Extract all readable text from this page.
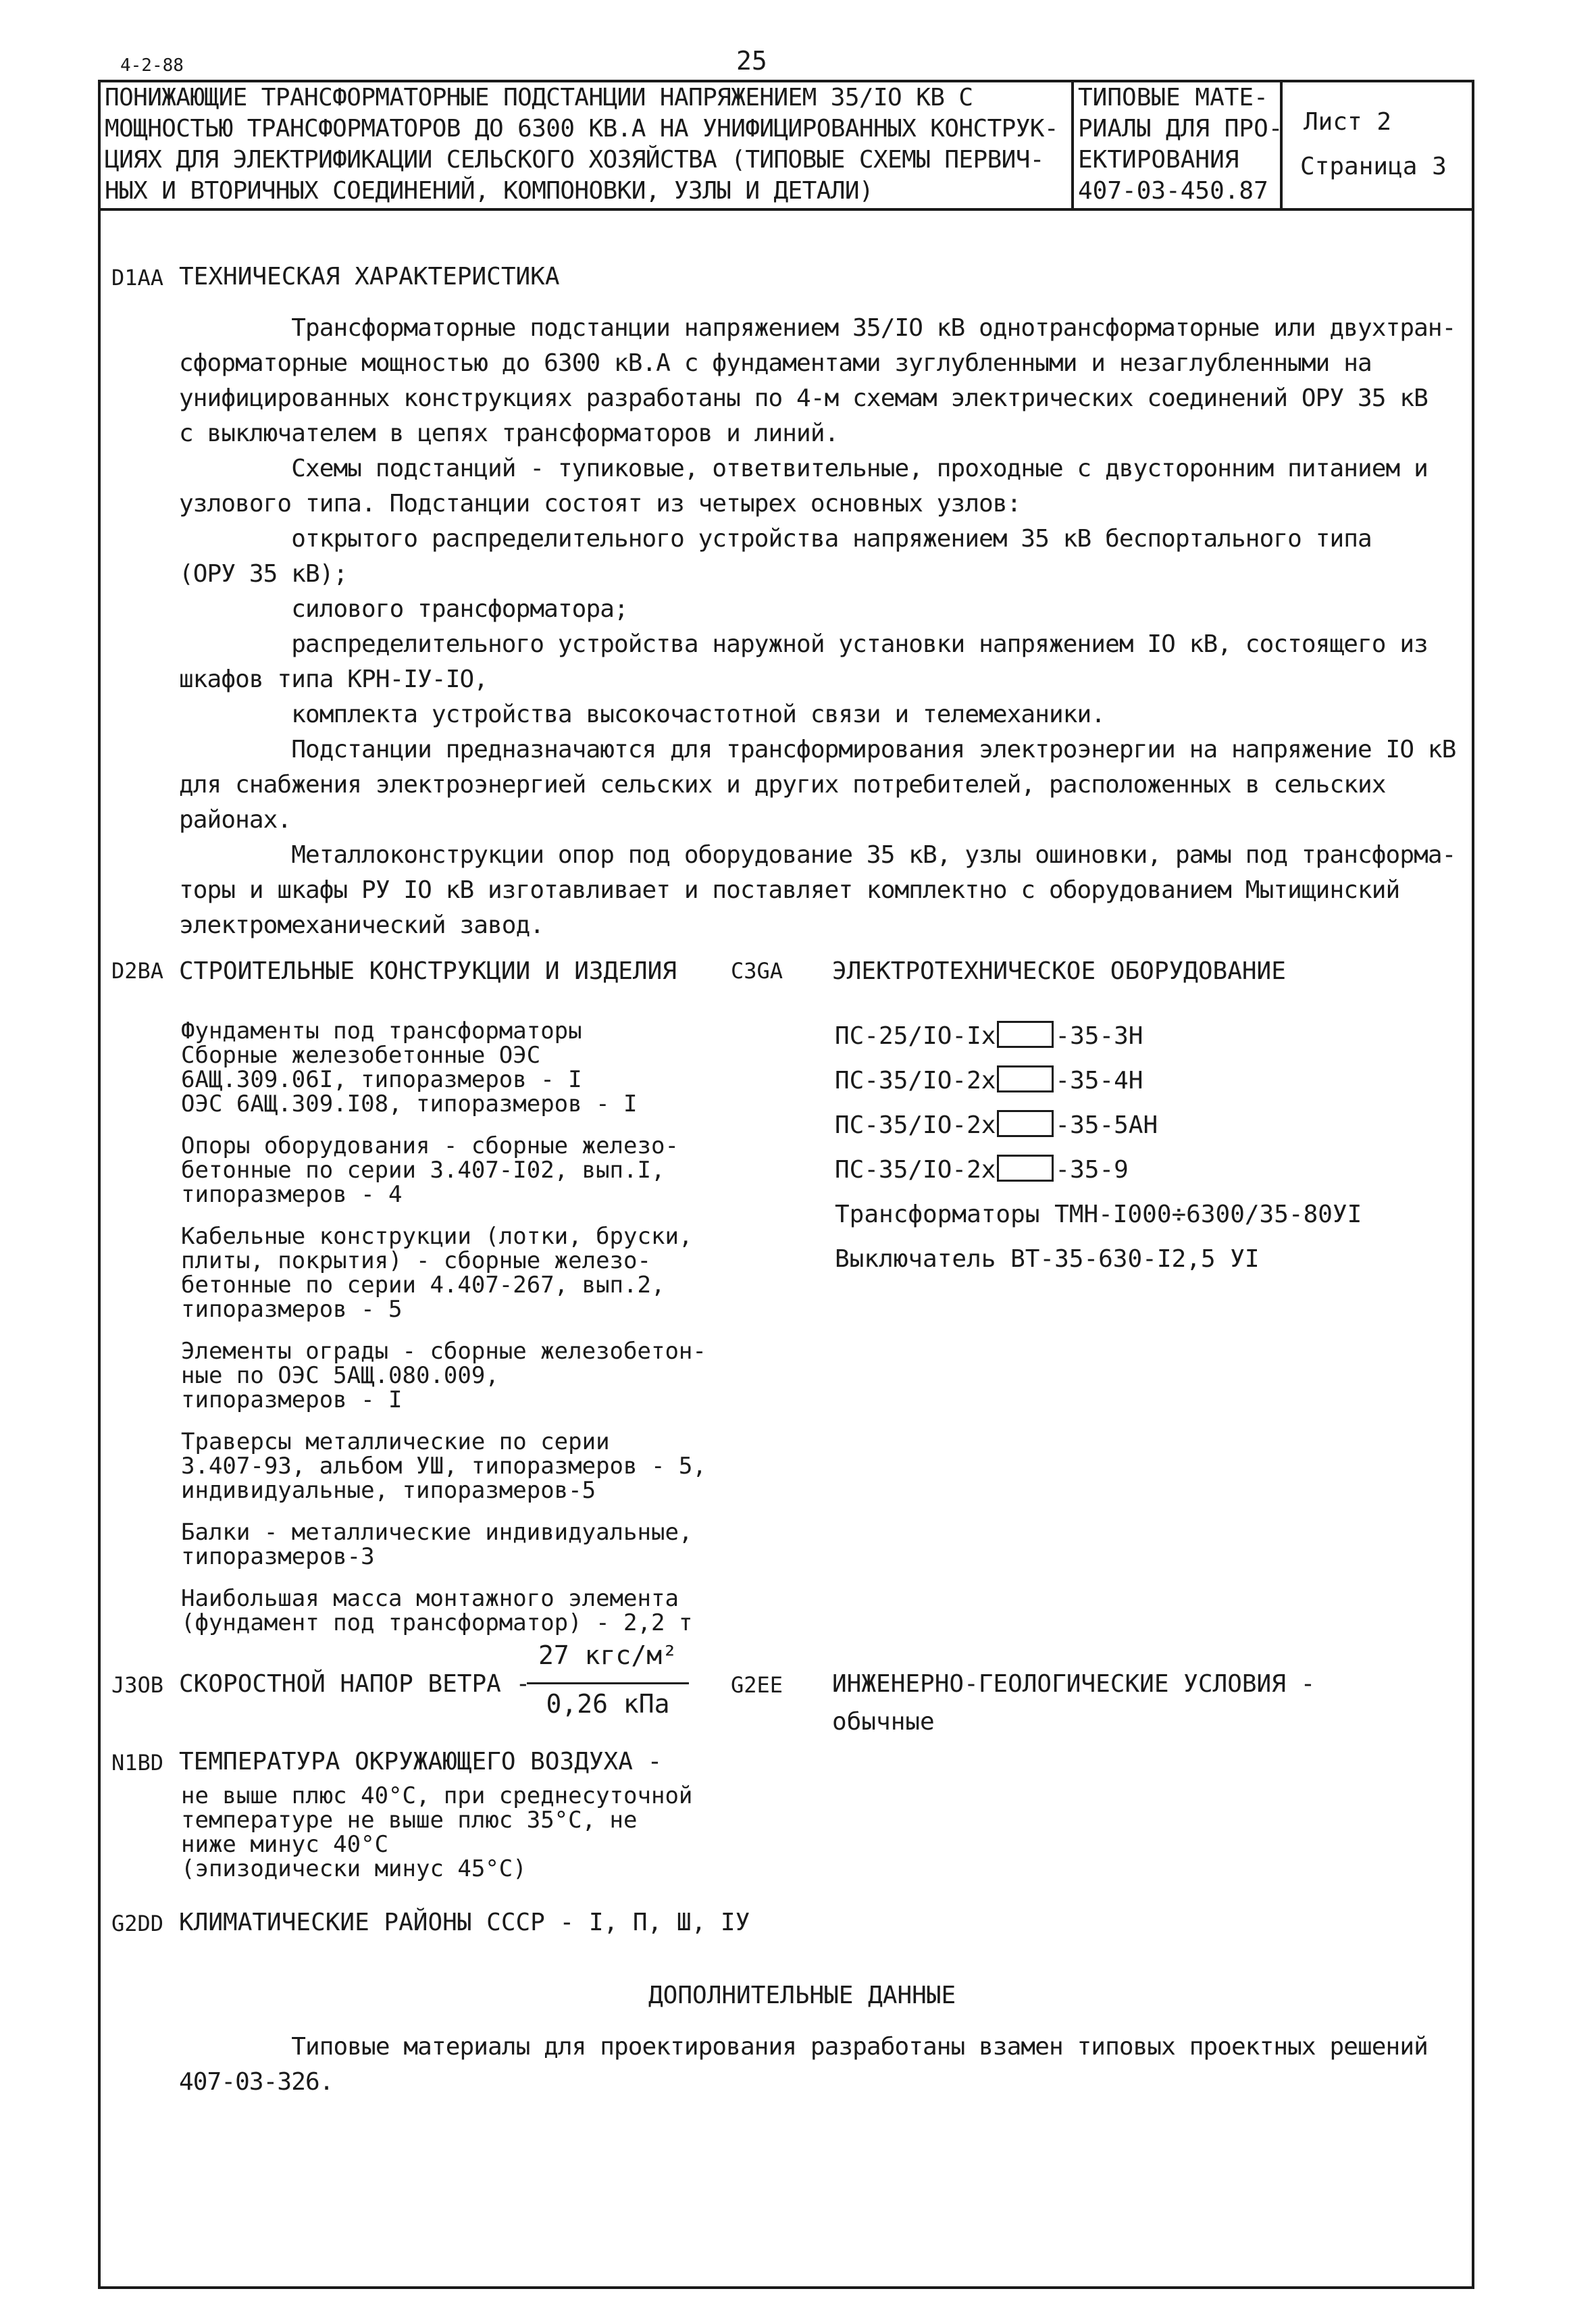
4-2-88	25
ПОНИЖАЮЩИЕ ТРАНСФОРМАТОРНЫЕ ПОДСТАНЦИИ НАПРЯЖЕНИЕМ 35/IO КВ С
МОЩНОСТЬЮ ТРАНСФОРМАТОРОВ ДО 6300 КВ.А НА УНИФИЦИРОВАННЫХ КОНСТРУК-
ЦИЯХ ДЛЯ ЭЛЕКТРИФИКАЦИИ СЕЛЬСКОГО ХОЗЯЙСТВА (ТИПОВЫЕ СХЕМЫ ПЕРВИЧ-
НЫХ И ВТОРИЧНЫХ СОЕДИНЕНИЙ, КОМПОНОВКИ, УЗЛЫ И ДЕТАЛИ)
ТИПОВЫЕ МАТЕ-
РИАЛЫ ДЛЯ ПРО-
ЕКТИРОВАНИЯ
407-03-450.87
Лист 2
Страница 3
D1AA ТЕХНИЧЕСКАЯ ХАРАКТЕРИСТИКА
Трансформаторные подстанции напряжением 35/IO кВ однотрансформаторные или двухтран-
сформаторные мощностью до 6300 кВ.А с фундаментами зуглубленными и незаглубленными на
унифицированных конструкциях разработаны по 4-м схемам электрических соединений ОРУ 35 кВ
с выключателем в цепях трансформаторов и линий.
Схемы подстанций - тупиковые, ответвительные, проходные с двусторонним питанием и
узлового типа. Подстанции состоят из четырех основных узлов:
открытого распределительного устройства напряжением 35 кВ беспортального типа
(ОРУ 35 кВ);
силового трансформатора;
распределительного устройства наружной установки напряжением IO кВ, состоящего из
шкафов типа КРН-IУ-IO,
комплекта устройства высокочастотной связи и телемеханики.
Подстанции предназначаются для трансформирования электроэнергии на напряжение IO кВ
для снабжения электроэнергией сельских и других потребителей, расположенных в сельских
районах.
Металлоконструкции опор под оборудование 35 кВ, узлы ошиновки, рамы под трансформа-
торы и шкафы РУ IO кВ изготавливает и поставляет комплектно с оборудованием Мытищинский
электромеханический завод.
D2BA СТРОИТЕЛЬНЫЕ КОНСТРУКЦИИ И ИЗДЕЛИЯ
Фундаменты под трансформаторы
Сборные железобетонные ОЭС
6АЩ.309.06I, типоразмеров - I
ОЭС 6АЩ.309.I08, типоразмеров - I
Опоры оборудования - сборные железо-
бетонные по серии 3.407-I02, вып.I,
типоразмеров - 4
Кабельные конструкции (лотки, бруски,
плиты, покрытия) - сборные железо-
бетонные по серии 4.407-267, вып.2,
типоразмеров - 5
Элементы ограды - сборные железобетон-
ные по ОЭС 5АЩ.080.009,
типоразмеров - I
Траверсы металлические по серии
3.407-93, альбом УШ, типоразмеров - 5,
индивидуальные, типоразмеров-5
Балки - металлические индивидуальные,
типоразмеров-3
Наибольшая масса монтажного элемента
(фундамент под трансформатор) - 2,2 т
C3GA ЭЛЕКТРОТЕХНИЧЕСКОЕ ОБОРУДОВАНИЕ
ПС-25/IO-Iх -35-3Н
ПС-35/IO-2х -35-4Н
ПС-35/IO-2х -35-5АН
ПС-35/IO-2х -35-9
Трансформаторы ТМН-I000÷6300/35-80УI
Выключатель ВТ-35-630-I2,5 УI
J3OB СКОРОСТНОЙ НАПОР ВЕТРА -
27 кгс/м²
0,26 кПа
G2EE ИНЖЕНЕРНО-ГЕОЛОГИЧЕСКИЕ УСЛОВИЯ -
обычные
N1BD ТЕМПЕРАТУРА ОКРУЖАЮЩЕГО ВОЗДУХА -
не выше плюс 40°С, при среднесуточной
температуре не выше плюс 35°С, не
ниже минус 40°С
(эпизодически минус 45°С)
G2DD КЛИМАТИЧЕСКИЕ РАЙОНЫ СССР - I, П, Ш, IУ
ДОПОЛНИТЕЛЬНЫЕ ДАННЫЕ
Типовые материалы для проектирования разработаны взамен типовых проектных решений
407-03-326.
